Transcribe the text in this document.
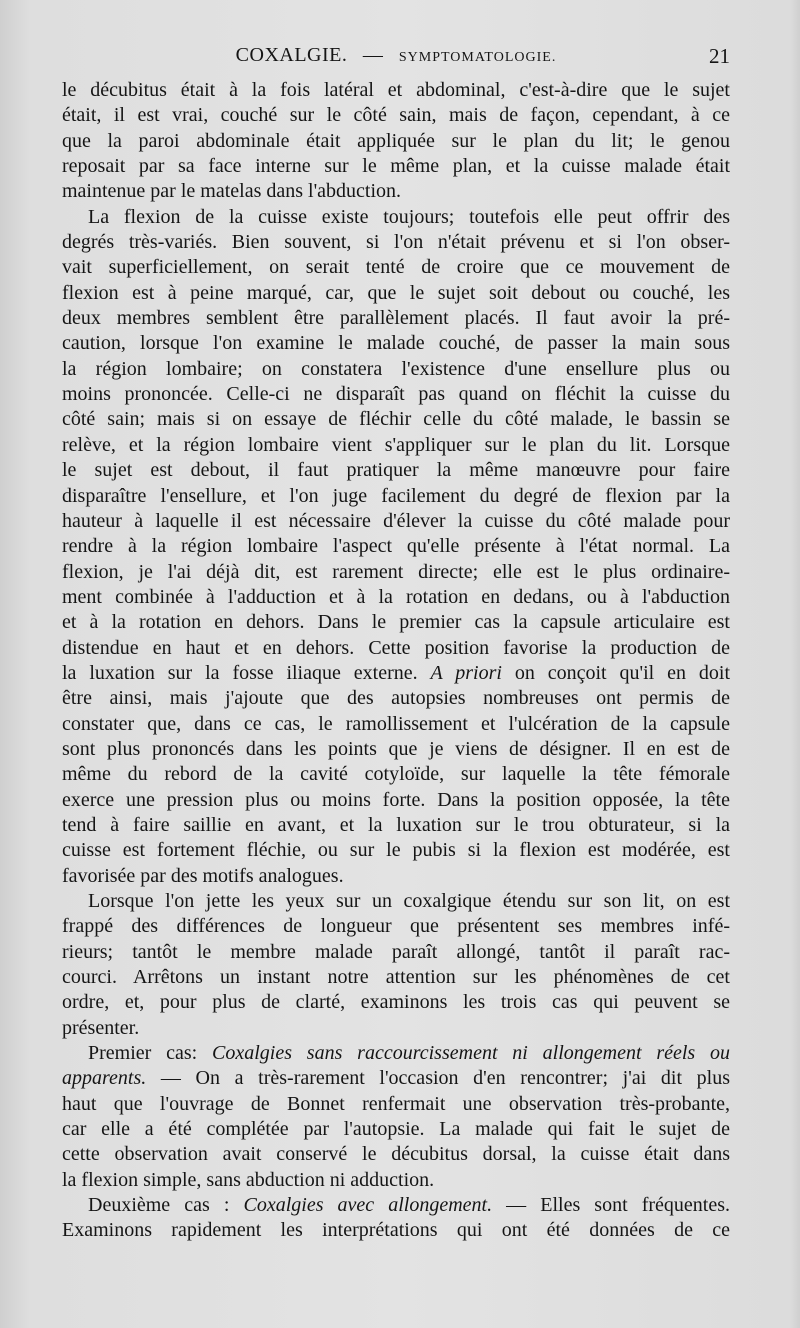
COXALGIE. — SYMPTOMATOLOGIE.	21
le décubitus était à la fois latéral et abdominal, c'est-à-dire que le sujet
était, il est vrai, couché sur le côté sain, mais de façon, cependant, à ce
que la paroi abdominale était appliquée sur le plan du lit; le genou
reposait par sa face interne sur le même plan, et la cuisse malade était
maintenue par le matelas dans l'abduction.
La flexion de la cuisse existe toujours; toutefois elle peut offrir des
degrés très-variés. Bien souvent, si l'on n'était prévenu et si l'on obser-
vait superficiellement, on serait tenté de croire que ce mouvement de
flexion est à peine marqué, car, que le sujet soit debout ou couché, les
deux membres semblent être parallèlement placés. Il faut avoir la pré-
caution, lorsque l'on examine le malade couché, de passer la main sous
la région lombaire; on constatera l'existence d'une ensellure plus ou
moins prononcée. Celle-ci ne disparaît pas quand on fléchit la cuisse du
côté sain; mais si on essaye de fléchir celle du côté malade, le bassin se
relève, et la région lombaire vient s'appliquer sur le plan du lit. Lorsque
le sujet est debout, il faut pratiquer la même manœuvre pour faire
disparaître l'ensellure, et l'on juge facilement du degré de flexion par la
hauteur à laquelle il est nécessaire d'élever la cuisse du côté malade pour
rendre à la région lombaire l'aspect qu'elle présente à l'état normal. La
flexion, je l'ai déjà dit, est rarement directe; elle est le plus ordinaire-
ment combinée à l'adduction et à la rotation en dedans, ou à l'abduction
et à la rotation en dehors. Dans le premier cas la capsule articulaire est
distendue en haut et en dehors. Cette position favorise la production de
la luxation sur la fosse iliaque externe. A priori on conçoit qu'il en doit
être ainsi, mais j'ajoute que des autopsies nombreuses ont permis de
constater que, dans ce cas, le ramollissement et l'ulcération de la capsule
sont plus prononcés dans les points que je viens de désigner. Il en est de
même du rebord de la cavité cotyloïde, sur laquelle la tête fémorale
exerce une pression plus ou moins forte. Dans la position opposée, la tête
tend à faire saillie en avant, et la luxation sur le trou obturateur, si la
cuisse est fortement fléchie, ou sur le pubis si la flexion est modérée, est
favorisée par des motifs analogues.
Lorsque l'on jette les yeux sur un coxalgique étendu sur son lit, on est
frappé des différences de longueur que présentent ses membres infé-
rieurs; tantôt le membre malade paraît allongé, tantôt il paraît rac-
courci. Arrêtons un instant notre attention sur les phénomènes de cet
ordre, et, pour plus de clarté, examinons les trois cas qui peuvent se
présenter.
Premier cas: Coxalgies sans raccourcissement ni allongement réels ou
apparents. — On a très-rarement l'occasion d'en rencontrer; j'ai dit plus
haut que l'ouvrage de Bonnet renfermait une observation très-probante,
car elle a été complétée par l'autopsie. La malade qui fait le sujet de
cette observation avait conservé le décubitus dorsal, la cuisse était dans
la flexion simple, sans abduction ni adduction.
Deuxième cas : Coxalgies avec allongement. — Elles sont fréquentes.
Examinons rapidement les interprétations qui ont été données de ce
